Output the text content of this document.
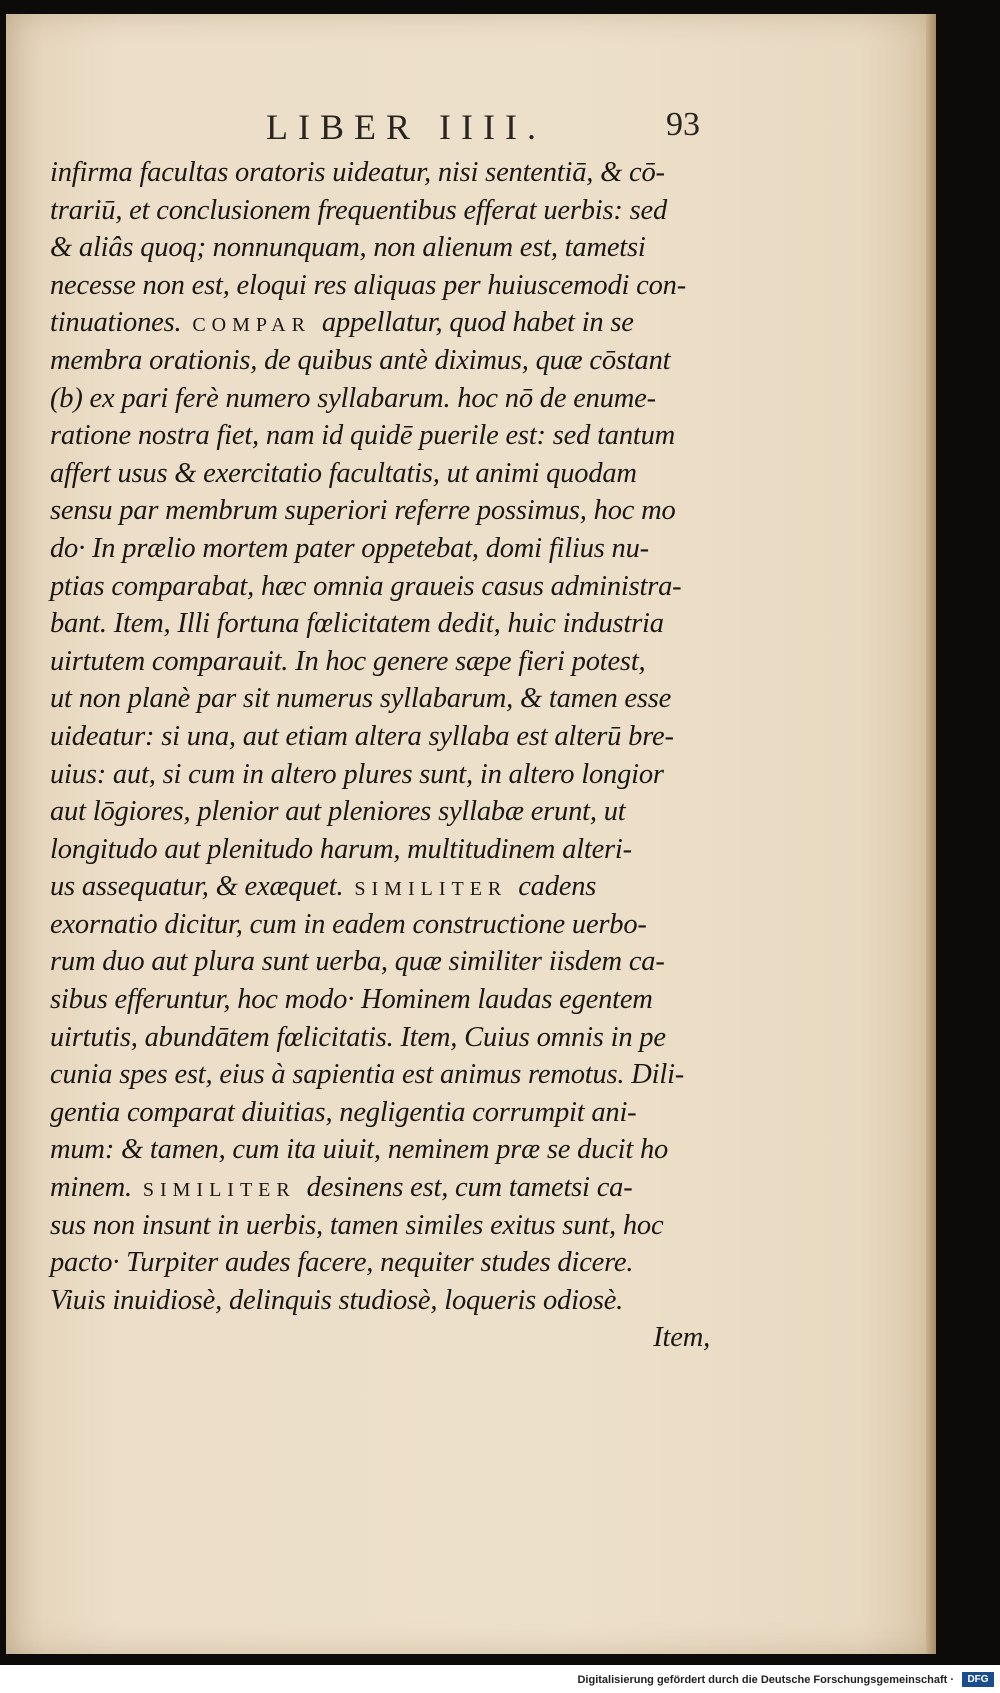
LIBER IIII.	93
infirma facultas oratoris uideatur, nisi sententiā, & cō-
trariū, et conclusionem frequentibus efferat uerbis: sed
& aliâs quoq; nonnunquam, non alienum est, tametsi
necesse non est, eloqui res aliquas per huiuscemodi con-
tinuationes. COMPAR appellatur, quod habet in se
membra orationis, de quibus antè diximus, quæ cōstant
(b) ex pari ferè numero syllabarum. hoc nō de enume-
ratione nostra fiet, nam id quidē puerile est: sed tantum
affert usus & exercitatio facultatis, ut animi quodam
sensu par membrum superiori referre possimus, hoc mo
do· In prælio mortem pater oppetebat, domi filius nu-
ptias comparabat, hæc omnia graueis casus administra-
bant. Item, Illi fortuna fœlicitatem dedit, huic industria
uirtutem comparauit. In hoc genere sæpe fieri potest,
ut non planè par sit numerus syllabarum, & tamen esse
uideatur: si una, aut etiam altera syllaba est alterū bre-
uius: aut, si cum in altero plures sunt, in altero longior
aut lōgiores, plenior aut pleniores syllabæ erunt, ut
longitudo aut plenitudo harum, multitudinem alteri-
us assequatur, & exæquet. SIMILITER cadens
exornatio dicitur, cum in eadem constructione uerbo-
rum duo aut plura sunt uerba, quæ similiter iisdem ca-
sibus efferuntur, hoc modo· Hominem laudas egentem
uirtutis, abundātem fœlicitatis. Item, Cuius omnis in pe
cunia spes est, eius à sapientia est animus remotus. Dili-
gentia comparat diuitias, negligentia corrumpit ani-
mum: & tamen, cum ita uiuit, neminem præ se ducit ho
minem. SIMILITER desinens est, cum tametsi ca-
sus non insunt in uerbis, tamen similes exitus sunt, hoc
pacto· Turpiter audes facere, nequiter studes dicere.
Viuis inuidiosè, delinquis studiosè, loqueris odiosè.
Item,
Digitalisierung gefördert durch die Deutsche Forschungsgemeinschaft ·	DFG
